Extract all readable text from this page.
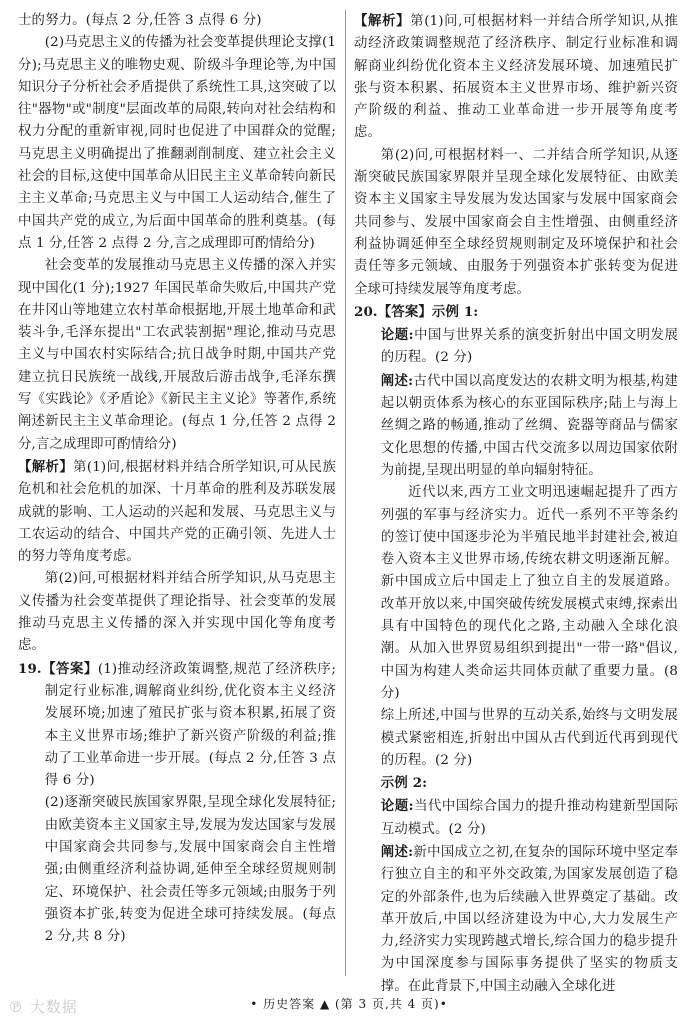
士的努力。(每点 2 分,任答 3 点得 6 分)

(2)马克思主义的传播为社会变革提供理论支撑(1分);马克思主义的唯物史观、阶级斗争理论等,为中国知识分子分析社会矛盾提供了系统性工具,这突破了以往"器物"或"制度"层面改革的局限,转向对社会结构和权力分配的重新审视,同时也促进了中国群众的觉醒;马克思主义明确提出了推翻剥削制度、建立社会主义社会的目标,这使中国革命从旧民主主义革命转向新民主主义革命;马克思主义与中国工人运动结合,催生了中国共产党的成立,为后面中国革命的胜利奠基。(每点 1 分,任答 2 点得 2 分,言之成理即可酌情给分)

社会变革的发展推动马克思主义传播的深入并实现中国化(1 分);1927 年国民革命失败后,中国共产党在井冈山等地建立农村革命根据地,开展土地革命和武装斗争,毛泽东提出"工农武装割据"理论,推动马克思主义与中国农村实际结合;抗日战争时期,中国共产党建立抗日民族统一战线,开展敌后游击战争,毛泽东撰写《实践论》《矛盾论》《新民主主义论》等著作,系统阐述新民主主义革命理论。(每点 1 分,任答 2 点得 2 分,言之成理即可酌情给分)

【解析】第(1)问,根据材料并结合所学知识,可从民族危机和社会危机的加深、十月革命的胜利及苏联发展成就的影响、工人运动的兴起和发展、马克思主义与工农运动的结合、中国共产党的正确引领、先进人士的努力等角度考虑。

第(2)问,可根据材料并结合所学知识,从马克思主义传播为社会变革提供了理论指导、社会变革的发展推动马克思主义传播的深入并实现中国化等角度考虑。

19.【答案】(1)推动经济政策调整,规范了经济秩序;制定行业标准,调解商业纠纷,优化资本主义经济发展环境;加速了殖民扩张与资本积累,拓展了资本主义世界市场;维护了新兴资产阶级的利益;推动了工业革命进一步开展。(每点 2 分,任答 3 点得 6 分)

(2)逐渐突破民族国家界限,呈现全球化发展特征;由欧美资本主义国家主导,发展为发达国家与发展中国家商会共同参与,发展中国家商会自主性增强;由侧重经济利益协调,延伸至全球经贸规则制定、环境保护、社会责任等多元领域;由服务于列强资本扩张,转变为促进全球可持续发展。(每点 2 分,共 8 分)

【解析】第(1)问,可根据材料一并结合所学知识,从推动经济政策调整规范了经济秩序、制定行业标准和调解商业纠纷优化资本主义经济发展环境、加速殖民扩张与资本积累、拓展资本主义世界市场、维护新兴资产阶级的利益、推动工业革命进一步开展等角度考虑。

第(2)问,可根据材料一、二并结合所学知识,从逐渐突破民族国家界限并呈现全球化发展特征、由欧美资本主义国家主导发展为发达国家与发展中国家商会共同参与、发展中国家商会自主性增强、由侧重经济利益协调延伸至全球经贸规则制定及环境保护和社会责任等多元领域、由服务于列强资本扩张转变为促进全球可持续发展等角度考虑。

20.【答案】示例 1:

论题:中国与世界关系的演变折射出中国文明发展的历程。(2 分)

阐述:古代中国以高度发达的农耕文明为根基,构建起以朝贡体系为核心的东亚国际秩序;陆上与海上丝绸之路的畅通,推动了丝绸、瓷器等商品与儒家文化思想的传播,中国古代交流多以周边国家依附为前提,呈现出明显的单向辐射特征。

近代以来,西方工业文明迅速崛起提升了西方列强的军事与经济实力。近代一系列不平等条约的签订使中国逐步沦为半殖民地半封建社会,被迫卷入资本主义世界市场,传统农耕文明逐渐瓦解。新中国成立后中国走上了独立自主的发展道路。改革开放以来,中国突破传统发展模式束缚,探索出具有中国特色的现代化之路,主动融入全球化浪潮。从加入世界贸易组织到提出"一带一路"倡议,中国为构建人类命运共同体贡献了重要力量。(8 分)

综上所述,中国与世界的互动关系,始终与文明发展模式紧密相连,折射出中国从古代到近代再到现代的历程。(2 分)

示例 2:

论题:当代中国综合国力的提升推动构建新型国际互动模式。(2 分)

阐述:新中国成立之初,在复杂的国际环境中坚定奉行独立自主的和平外交政策,为国家发展创造了稳定的外部条件,也为后续融入世界奠定了基础。改革开放后,中国以经济建设为中心,大力发展生产力,经济实力实现跨越式增长,综合国力的稳步提升为中国深度参与国际事务提供了坚实的物质支撑。在此背景下,中国主动融入全球化进

• 历史答案 ▲ (第 3 页,共 4 页)•
℗ 大数据
